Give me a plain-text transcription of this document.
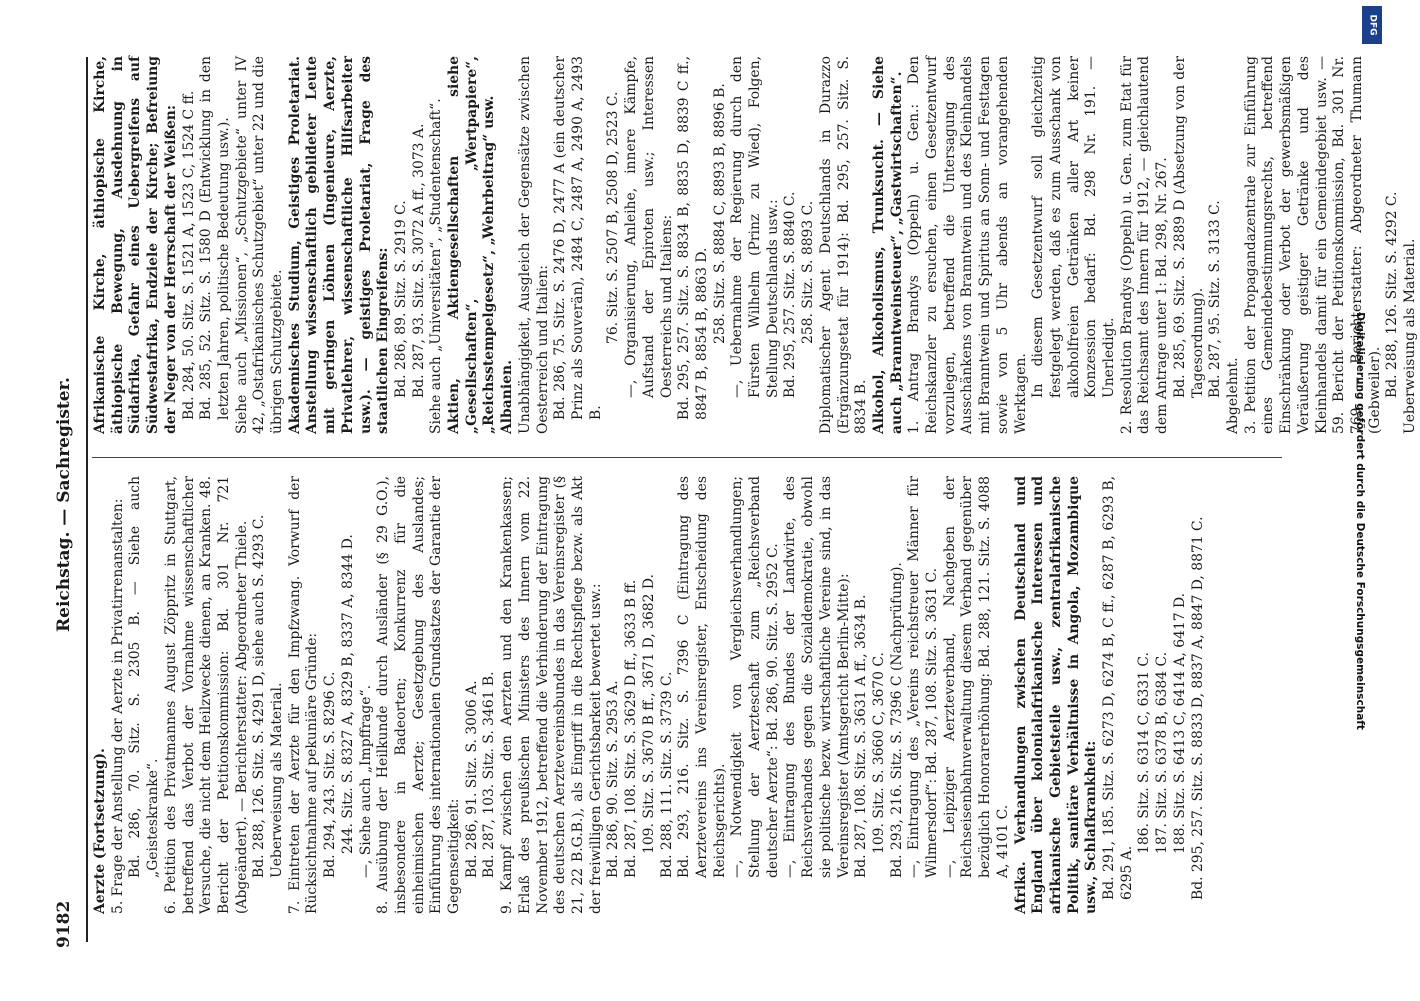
9182
Reichstag. — Sachregister.

Aerzte (Fortsetzung). 5. Frage der Anstellung der Aerzte in Privatirrenanstalten: Bd. 286, 70. Sitz. S. 2305 B. — Siehe auch „Geisteskranke“. 6. Petition des Privatmannes August Zöppritz in Stuttgart, betreffend das Verbot der Vornahme wissenschaftlicher Versuche, die nicht dem Heilzwecke dienen, an Kranken. 48. Bericht der Petitionskommission: Bd. 301 Nr. 721 (Abgeändert). — Berichterstatter: Abgeordneter Thiele. Bd. 288, 126. Sitz. S. 4291 D, siehe auch S. 4293 C. Ueberweisung als Material. 7. Eintreten der Aerzte für den Impfzwang. Vorwurf der Rücksichtnahme auf pekuniäre Gründe: Bd. 294, 243. Sitz. S. 8296 C. 244. Sitz. S. 8327 A, 8329 B, 8337 A, 8344 D. —, Siehe auch „Impffrage“. 8. Ausübung der Heilkunde durch Ausländer (§ 29 G.O.), insbesondere in Badeorten; Konkurrenz für die einheimischen Aerzte; Gesetzgebung des Auslandes; Einführung des internationalen Grundsatzes der Garantie der Gegenseitigkeit: Bd. 286, 91. Sitz. S. 3006 A. Bd. 287, 103. Sitz. S. 3461 B. 9. Kampf zwischen den Aerzten und den Krankenkassen; Erlaß des preußischen Ministers des Innern vom 22. November 1912, betreffend die Verhinderung der Eintragung des deutschen Aerztevereinsbundes in das Vereinsregister (§ 21, 22 B.G.B.), als Eingriff in die Rechtspflege bezw. als Akt der freiwilligen Gerichtsbarkeit bewertet usw.: Bd. 286, 90. Sitz. S. 2953 A. Bd. 287, 108. Sitz. S. 3629 D ff., 3633 B ff. 109. Sitz. S. 3670 B ff., 3671 D, 3682 D. Bd. 288, 111. Sitz. S. 3739 C. Bd. 293, 216. Sitz. S. 7396 C (Eintragung des Aerztevereins ins Vereinsregister, Entscheidung des Reichsgerichts). —, Notwendigkeit von Vergleichsverhandlungen; Stellung der Aerzteschaft zum „Reichsverband deutscher Aerzte“: Bd. 286, 90. Sitz. S. 2952 C. —, Eintragung des Bundes der Landwirte, des Reichsverbandes gegen die Sozialdemokratie, obwohl sie politische bezw. wirtschaftliche Vereine sind, in das Vereinsregister (Amtsgericht Berlin-Mitte): Bd. 287, 108. Sitz. S. 3631 A ff., 3634 B. 109. Sitz. S. 3660 C, 3670 C. Bd. 293, 216. Sitz. S. 7396 C (Nachprüfung). —, Eintragung des „Vereins reichstreuer Männer für Wilmersdorf“: Bd. 287, 108. Sitz. S. 3631 C. —, Leipziger Aerzteverband, Nachgeben der Reichseisenbahnverwaltung diesem Verband gegenüber bezüglich Honorarerhöhung: Bd. 288, 121. Sitz. S. 4088 A, 4101 C. Afrika. Verhandlungen zwischen Deutschland und England über kolonialafrikanische Interessen und afrikanische Gebietsteile usw., zentralafrikanische Politik, sanitäre Verhältnisse in Angola, Mozambique usw., Schlafkrankheit: Bd. 291, 185. Sitz. S. 6273 D, 6274 B, C ff., 6287 B, 6293 B, 6295 A.

186. Sitz. S. 6314 C, 6331 C. 187. Sitz. S. 6378 B, 6384 C. 188. Sitz. S. 6413 C, 6414 A, 6417 D. Bd. 295, 257. Sitz. S. 8833 D, 8837 A, 8847 D, 8871 C.

Afrikanische Kirche, äthiopische Kirche, äthiopische Bewegung, Ausdehnung in Südafrika, Gefahr eines Uebergreifens auf Südwestafrika, Endziele der Kirche; Befreiung der Neger von der Herrschaft der Weißen: Bd. 284, 50. Sitz. S. 1521 A, 1523 C, 1524 C ff. Bd. 285, 52. Sitz. S. 1580 D (Entwicklung in den letzten Jahren, politische Bedeutung usw.). Siehe auch „Missionen“, „Schutzgebiete“ unter IV 42, „Ostafrikanisches Schutzgebiet“ unter 22 und die übrigen Schutzgebiete. Akademisches Studium, Geistiges Proletariat. Anstellung wissenschaftlich gebildeter Leute mit geringen Löhnen (Ingenieure, Aerzte, Privatlehrer, wissenschaftliche Hilfsarbeiter usw.). — geistiges Proletariat, Frage des staatlichen Eingreifens: Bd. 286, 89. Sitz. S. 2919 C. Bd. 287, 93. Sitz. S. 3072 A ff., 3073 A. Siehe auch „Universitäten“, „Studentenschaft“. Aktien, Aktiengesellschaften siehe „Gesellschaften“, „Wertpapiere“, „Reichsstempelgesetz“, „Wehrbeitrag“ usw. Albanien. Unabhängigkeit, Ausgleich der Gegensätze zwischen Oesterreich und Italien: Bd. 286, 75. Sitz. S. 2476 D, 2477 A (ein deutscher Prinz als Souverän), 2484 C, 2487 A, 2490 A, 2493 B.

76. Sitz. S. 2507 B, 2508 D, 2523 C. —, Organisierung, Anleihe, innere Kämpfe, Aufstand der Epiroten usw.; Interessen Oesterreichs und Italiens: Bd. 295, 257. Sitz. S. 8834 B, 8835 D, 8839 C ff., 8847 B, 8854 B, 8863 D. 258. Sitz. S. 8884 C, 8893 B, 8896 B. —, Uebernahme der Regierung durch den Fürsten Wilhelm (Prinz zu Wied), Folgen, Stellung Deutschlands usw.: Bd. 295, 257. Sitz. S. 8840 C. 258. Sitz. S. 8893 C. Diplomatischer Agent Deutschlands in Durazzo (Ergänzungsetat für 1914): Bd. 295, 257. Sitz. S. 8834 B. Alkohol, Alkoholismus, Trunksucht. — Siehe auch „Branntweinsteuer“, „Gastwirtschaften“. 1. Antrag Brandys (Oppeln) u. Gen.: Den Reichskanzler zu ersuchen, einen Gesetzentwurf vorzulegen, betreffend die Untersagung des Ausschänkens von Branntwein und des Kleinhandels mit Branntwein und Spiritus an Sonn- und Festtagen sowie von 5 Uhr abends an vorangehenden Werktagen. In diesem Gesetzentwurf soll gleichzeitig festgelegt werden, daß es zum Ausschank von alkoholfreien Getränken aller Art keiner Konzession bedarf: Bd. 298 Nr. 191. — Unerledigt. 2. Resolution Brandys (Oppeln) u. Gen. zum Etat für das Reichsamt des Innern für 1912, — gleichlautend dem Antrage unter 1: Bd. 298, Nr. 267. Bd. 285, 69. Sitz. S. 2889 D (Absetzung von der Tagesordnung). Bd. 287, 95. Sitz. S. 3133 C. Abgelehnt. 3. Petition der Propagandazentrale zur Einführung eines Gemeindebestimmungsrechts, betreffend Einschränkung oder Verbot der gewerbsmäßigen Veräußerung geistiger Getränke und des Kleinhandels damit für ein Gemeindegebiet usw. — 59. Bericht der Petitionskommission, Bd. 301 Nr. 769. — Berichterstatter: Abgeordneter Thumann (Gebweiler). Bd. 288, 126. Sitz. S. 4292 C. Ueberweisung als Material.

Digitalisierung gefördert durch die Deutsche Forschungsgemeinschaft
DFG
